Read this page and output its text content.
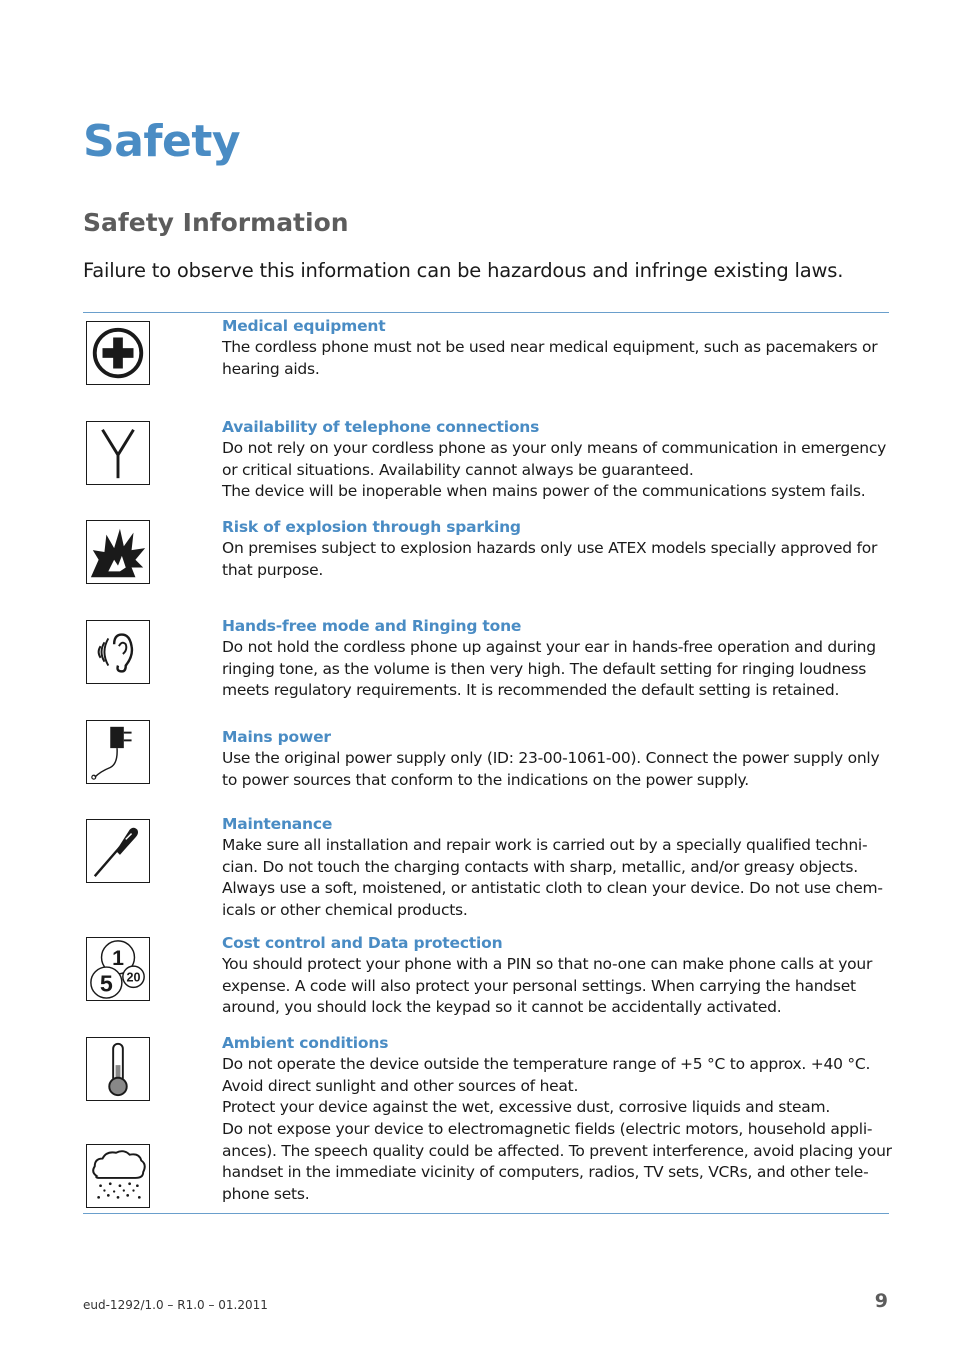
Safety
Safety Information

Failure to observe this information can be hazardous and infringe existing laws.

1
20
5
Medical equipment
The cordless phone must not be used near medical equipment, such as pacemakers or
hearing aids.
Availability of telephone connections
Do not rely on your cordless phone as your only means of communication in emergency
or critical situations. Availability cannot always be guaranteed.
The device will be inoperable when mains power of the communications system fails.
Risk of explosion through sparking
On premises subject to explosion hazards only use ATEX models specially approved for
that purpose.
Hands-free mode and Ringing tone
Do not hold the cordless phone up against your ear in hands-free operation and during
ringing tone, as the volume is then very high. The default setting for ringing loudness
meets regulatory requirements. It is recommended the default setting is retained.
Mains power
Use the original power supply only (ID: 23-00-1061-00). Connect the power supply only
to power sources that conform to the indications on the power supply.
Maintenance
Make sure all installation and repair work is carried out by a specially qualified techni-
cian. Do not touch the charging contacts with sharp, metallic, and/or greasy objects.
Always use a soft, moistened, or antistatic cloth to clean your device. Do not use chem-
icals or other chemical products.
Cost control and Data protection
You should protect your phone with a PIN so that no-one can make phone calls at your
expense. A code will also protect your personal settings. When carrying the handset
around, you should lock the keypad so it cannot be accidentally activated.
Ambient conditions
Do not operate the device outside the temperature range of +5 °C to approx. +40 °C.
Avoid direct sunlight and other sources of heat.
Protect your device against the wet, excessive dust, corrosive liquids and steam.
Do not expose your device to electromagnetic fields (electric motors, household appli-
ances). The speech quality could be affected. To prevent interference, avoid placing your
handset in the immediate vicinity of computers, radios, TV sets, VCRs, and other tele-
phone sets.
eud-1292/1.0 – R1.0 – 01.2011	9
